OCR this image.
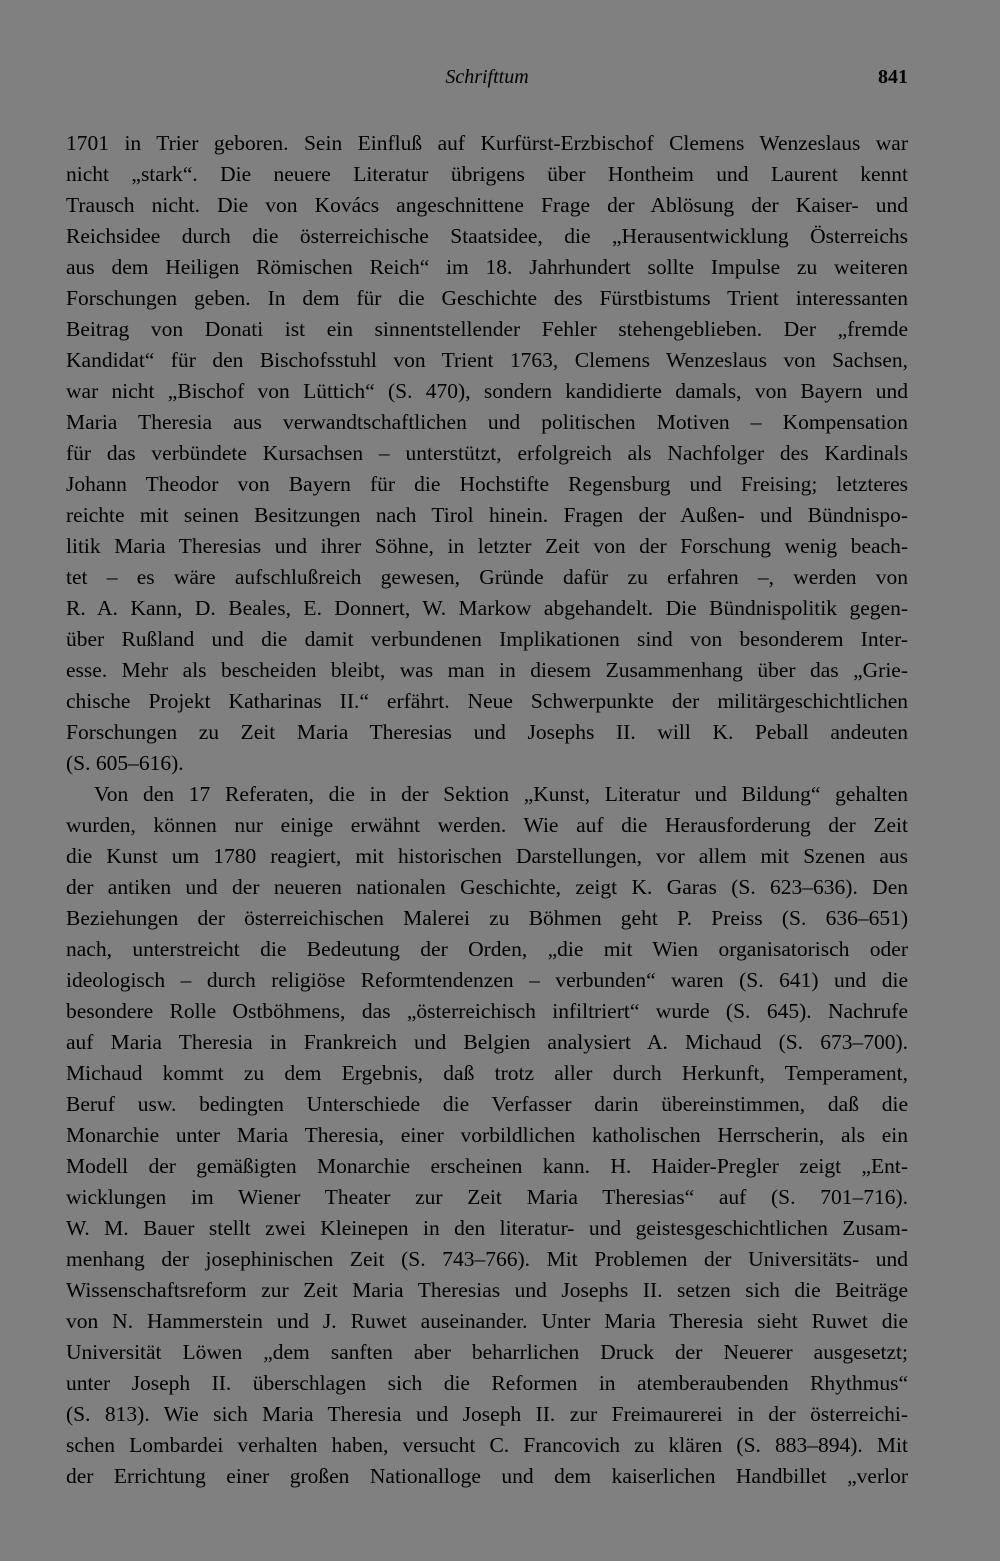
Schrifttum	841
1701 in Trier geboren. Sein Einfluß auf Kurfürst-Erzbischof Clemens Wenzeslaus war
nicht „stark“. Die neuere Literatur übrigens über Hontheim und Laurent kennt
Trausch nicht. Die von Kovács angeschnittene Frage der Ablösung der Kaiser- und
Reichsidee durch die österreichische Staatsidee, die „Herausentwicklung Österreichs
aus dem Heiligen Römischen Reich“ im 18. Jahrhundert sollte Impulse zu weiteren
Forschungen geben. In dem für die Geschichte des Fürstbistums Trient interessanten
Beitrag von Donati ist ein sinnentstellender Fehler stehengeblieben. Der „fremde
Kandidat“ für den Bischofsstuhl von Trient 1763, Clemens Wenzeslaus von Sachsen,
war nicht „Bischof von Lüttich“ (S. 470), sondern kandidierte damals, von Bayern und
Maria Theresia aus verwandtschaftlichen und politischen Motiven – Kompensation
für das verbündete Kursachsen – unterstützt, erfolgreich als Nachfolger des Kardinals
Johann Theodor von Bayern für die Hochstifte Regensburg und Freising; letzteres
reichte mit seinen Besitzungen nach Tirol hinein. Fragen der Außen- und Bündnispo-
litik Maria Theresias und ihrer Söhne, in letzter Zeit von der Forschung wenig beach-
tet – es wäre aufschlußreich gewesen, Gründe dafür zu erfahren –, werden von
R. A. Kann, D. Beales, E. Donnert, W. Markow abgehandelt. Die Bündnispolitik gegen-
über Rußland und die damit verbundenen Implikationen sind von besonderem Inter-
esse. Mehr als bescheiden bleibt, was man in diesem Zusammenhang über das „Grie-
chische Projekt Katharinas II.“ erfährt. Neue Schwerpunkte der militärgeschichtlichen
Forschungen zu Zeit Maria Theresias und Josephs II. will K. Peball andeuten
(S. 605–616).
Von den 17 Referaten, die in der Sektion „Kunst, Literatur und Bildung“ gehalten
wurden, können nur einige erwähnt werden. Wie auf die Herausforderung der Zeit
die Kunst um 1780 reagiert, mit historischen Darstellungen, vor allem mit Szenen aus
der antiken und der neueren nationalen Geschichte, zeigt K. Garas (S. 623–636). Den
Beziehungen der österreichischen Malerei zu Böhmen geht P. Preiss (S. 636–651)
nach, unterstreicht die Bedeutung der Orden, „die mit Wien organisatorisch oder
ideologisch – durch religiöse Reformtendenzen – verbunden“ waren (S. 641) und die
besondere Rolle Ostböhmens, das „österreichisch infiltriert“ wurde (S. 645). Nachrufe
auf Maria Theresia in Frankreich und Belgien analysiert A. Michaud (S. 673–700).
Michaud kommt zu dem Ergebnis, daß trotz aller durch Herkunft, Temperament,
Beruf usw. bedingten Unterschiede die Verfasser darin übereinstimmen, daß die
Monarchie unter Maria Theresia, einer vorbildlichen katholischen Herrscherin, als ein
Modell der gemäßigten Monarchie erscheinen kann. H. Haider-Pregler zeigt „Ent-
wicklungen im Wiener Theater zur Zeit Maria Theresias“ auf (S. 701–716).
W. M. Bauer stellt zwei Kleinepen in den literatur- und geistesgeschichtlichen Zusam-
menhang der josephinischen Zeit (S. 743–766). Mit Problemen der Universitäts- und
Wissenschaftsreform zur Zeit Maria Theresias und Josephs II. setzen sich die Beiträge
von N. Hammerstein und J. Ruwet auseinander. Unter Maria Theresia sieht Ruwet die
Universität Löwen „dem sanften aber beharrlichen Druck der Neuerer ausgesetzt;
unter Joseph II. überschlagen sich die Reformen in atemberaubenden Rhythmus“
(S. 813). Wie sich Maria Theresia und Joseph II. zur Freimaurerei in der österreichi-
schen Lombardei verhalten haben, versucht C. Francovich zu klären (S. 883–894). Mit
der Errichtung einer großen Nationalloge und dem kaiserlichen Handbillet „verlor
